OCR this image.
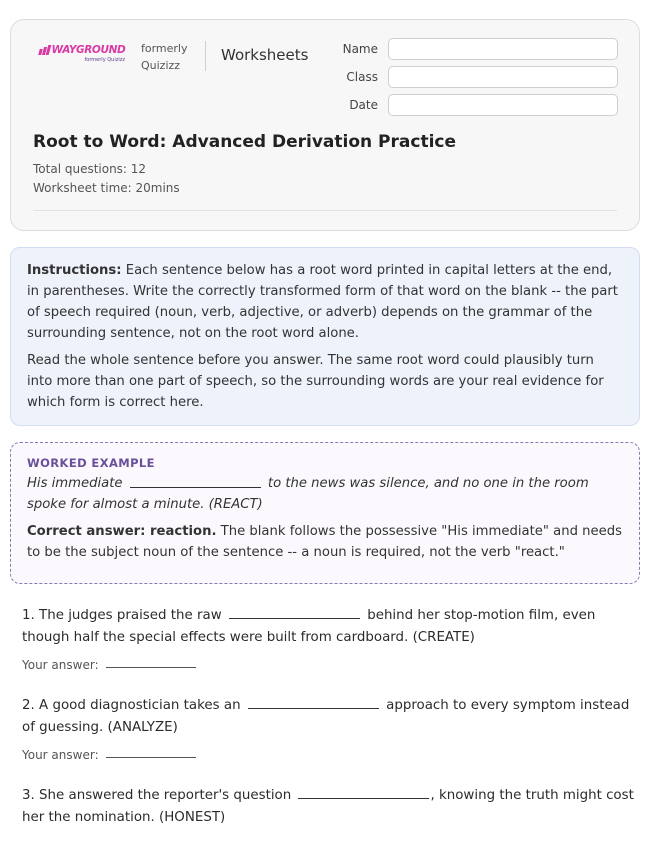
WAYGROUND
formerly Quizizz
formerly
Quizizz
Worksheets	Name
Class
Date
Root to Word: Advanced Derivation Practice
Total questions: 12
Worksheet time: 20mins

Instructions: Each sentence below has a root word printed in capital letters at the end, in parentheses. Write the correctly transformed form of that word on the blank -- the part of speech required (noun, verb, adjective, or adverb) depends on the grammar of the surrounding sentence, not on the root word alone.

Read the whole sentence before you answer. The same root word could plausibly turn into more than one part of speech, so the surrounding words are your real evidence for which form is correct here.

WORKED EXAMPLE
His immediate	to the news was silence, and no one in the room spoke for almost a minute. (REACT)
Correct answer: reaction. The blank follows the possessive "His immediate" and needs to be the subject noun of the sentence -- a noun is required, not the verb "react."
1. The judges praised the raw	behind her stop-motion film, even though half the special effects were built from cardboard. (CREATE)
Your answer:
2. A good diagnostician takes an	approach to every symptom instead of guessing. (ANALYZE)
Your answer:
3. She answered the reporter's question	, knowing the truth might cost her the nomination. (HONEST)
